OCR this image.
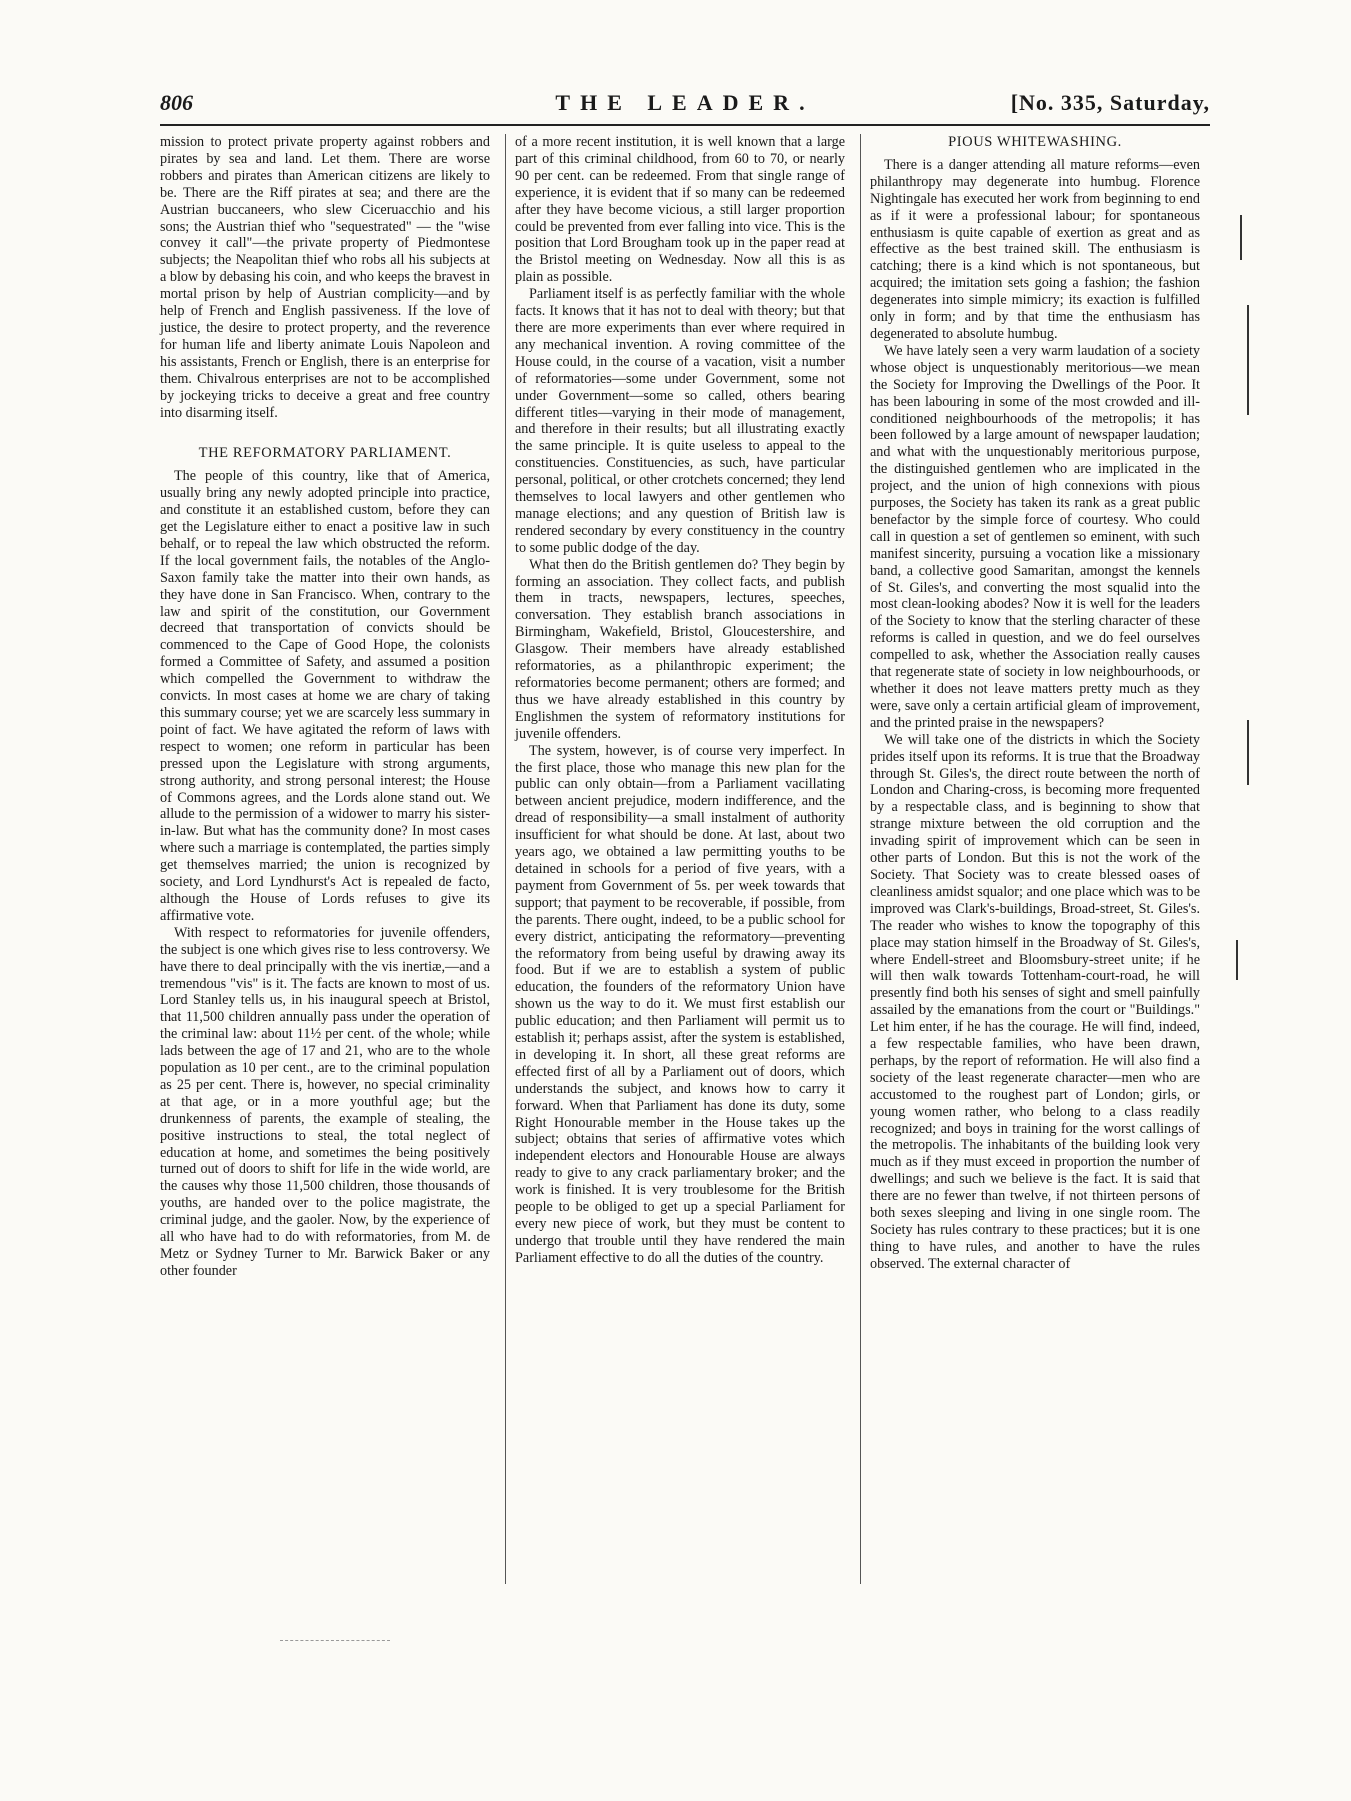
806	THE LEADER.	[No. 335, Saturday,

mission to protect private property against robbers and pirates by sea and land. Let them. There are worse robbers and pirates than American citizens are likely to be. There are the Riff pirates at sea; and there are the Austrian buccaneers, who slew Ciceruacchio and his sons; the Austrian thief who "sequestrated" — the "wise convey it call"—the private property of Piedmontese subjects; the Neapolitan thief who robs all his subjects at a blow by debasing his coin, and who keeps the bravest in mortal prison by help of Austrian complicity—and by help of French and English passiveness. If the love of justice, the desire to protect property, and the reverence for human life and liberty animate Louis Napoleon and his assistants, French or English, there is an enterprise for them. Chivalrous enterprises are not to be accomplished by jockeying tricks to deceive a great and free country into disarming itself.

THE REFORMATORY PARLIAMENT.

The people of this country, like that of America, usually bring any newly adopted principle into practice, and constitute it an established custom, before they can get the Legislature either to enact a positive law in such behalf, or to repeal the law which obstructed the reform. If the local government fails, the notables of the Anglo-Saxon family take the matter into their own hands, as they have done in San Francisco. When, contrary to the law and spirit of the constitution, our Government decreed that transportation of convicts should be commenced to the Cape of Good Hope, the colonists formed a Committee of Safety, and assumed a position which compelled the Government to withdraw the convicts. In most cases at home we are chary of taking this summary course; yet we are scarcely less summary in point of fact. We have agitated the reform of laws with respect to women; one reform in particular has been pressed upon the Legislature with strong arguments, strong authority, and strong personal interest; the House of Commons agrees, and the Lords alone stand out. We allude to the permission of a widower to marry his sister-in-law. But what has the community done? In most cases where such a marriage is contemplated, the parties simply get themselves married; the union is recognized by society, and Lord Lyndhurst's Act is repealed de facto, although the House of Lords refuses to give its affirmative vote.

With respect to reformatories for juvenile offenders, the subject is one which gives rise to less controversy. We have there to deal principally with the vis inertiæ,—and a tremendous "vis" is it. The facts are known to most of us. Lord Stanley tells us, in his inaugural speech at Bristol, that 11,500 children annually pass under the operation of the criminal law: about 11½ per cent. of the whole; while lads between the age of 17 and 21, who are to the whole population as 10 per cent., are to the criminal population as 25 per cent. There is, however, no special criminality at that age, or in a more youthful age; but the drunkenness of parents, the example of stealing, the positive instructions to steal, the total neglect of education at home, and sometimes the being positively turned out of doors to shift for life in the wide world, are the causes why those 11,500 children, those thousands of youths, are handed over to the police magistrate, the criminal judge, and the gaoler. Now, by the experience of all who have had to do with reformatories, from M. de Metz or Sydney Turner to Mr. Barwick Baker or any other founder

of a more recent institution, it is well known that a large part of this criminal childhood, from 60 to 70, or nearly 90 per cent. can be redeemed. From that single range of experience, it is evident that if so many can be redeemed after they have become vicious, a still larger proportion could be prevented from ever falling into vice. This is the position that Lord Brougham took up in the paper read at the Bristol meeting on Wednesday. Now all this is as plain as possible.

Parliament itself is as perfectly familiar with the whole facts. It knows that it has not to deal with theory; but that there are more experiments than ever where required in any mechanical invention. A roving committee of the House could, in the course of a vacation, visit a number of reformatories—some under Government, some not under Government—some so called, others bearing different titles—varying in their mode of management, and therefore in their results; but all illustrating exactly the same principle. It is quite useless to appeal to the constituencies. Constituencies, as such, have particular personal, political, or other crotchets concerned; they lend themselves to local lawyers and other gentlemen who manage elections; and any question of British law is rendered secondary by every constituency in the country to some public dodge of the day.

What then do the British gentlemen do? They begin by forming an association. They collect facts, and publish them in tracts, newspapers, lectures, speeches, conversation. They establish branch associations in Birmingham, Wakefield, Bristol, Gloucestershire, and Glasgow. Their members have already established reformatories, as a philanthropic experiment; the reformatories become permanent; others are formed; and thus we have already established in this country by Englishmen the system of reformatory institutions for juvenile offenders.

The system, however, is of course very imperfect. In the first place, those who manage this new plan for the public can only obtain—from a Parliament vacillating between ancient prejudice, modern indifference, and the dread of responsibility—a small instalment of authority insufficient for what should be done. At last, about two years ago, we obtained a law permitting youths to be detained in schools for a period of five years, with a payment from Government of 5s. per week towards that support; that payment to be recoverable, if possible, from the parents. There ought, indeed, to be a public school for every district, anticipating the reformatory—preventing the reformatory from being useful by drawing away its food. But if we are to establish a system of public education, the founders of the reformatory Union have shown us the way to do it. We must first establish our public education; and then Parliament will permit us to establish it; perhaps assist, after the system is established, in developing it. In short, all these great reforms are effected first of all by a Parliament out of doors, which understands the subject, and knows how to carry it forward. When that Parliament has done its duty, some Right Honourable member in the House takes up the subject; obtains that series of affirmative votes which independent electors and Honourable House are always ready to give to any crack parliamentary broker; and the work is finished. It is very troublesome for the British people to be obliged to get up a special Parliament for every new piece of work, but they must be content to undergo that trouble until they have rendered the main Parliament effective to do all the duties of the country.

PIOUS WHITEWASHING.

There is a danger attending all mature reforms—even philanthropy may degenerate into humbug. Florence Nightingale has executed her work from beginning to end as if it were a professional labour; for spontaneous enthusiasm is quite capable of exertion as great and as effective as the best trained skill. The enthusiasm is catching; there is a kind which is not spontaneous, but acquired; the imitation sets going a fashion; the fashion degenerates into simple mimicry; its exaction is fulfilled only in form; and by that time the enthusiasm has degenerated to absolute humbug.

We have lately seen a very warm laudation of a society whose object is unquestionably meritorious—we mean the Society for Improving the Dwellings of the Poor. It has been labouring in some of the most crowded and ill-conditioned neighbourhoods of the metropolis; it has been followed by a large amount of newspaper laudation; and what with the unquestionably meritorious purpose, the distinguished gentlemen who are implicated in the project, and the union of high connexions with pious purposes, the Society has taken its rank as a great public benefactor by the simple force of courtesy. Who could call in question a set of gentlemen so eminent, with such manifest sincerity, pursuing a vocation like a missionary band, a collective good Samaritan, amongst the kennels of St. Giles's, and converting the most squalid into the most clean-looking abodes? Now it is well for the leaders of the Society to know that the sterling character of these reforms is called in question, and we do feel ourselves compelled to ask, whether the Association really causes that regenerate state of society in low neighbourhoods, or whether it does not leave matters pretty much as they were, save only a certain artificial gleam of improvement, and the printed praise in the newspapers?

We will take one of the districts in which the Society prides itself upon its reforms. It is true that the Broadway through St. Giles's, the direct route between the north of London and Charing-cross, is becoming more frequented by a respectable class, and is beginning to show that strange mixture between the old corruption and the invading spirit of improvement which can be seen in other parts of London. But this is not the work of the Society. That Society was to create blessed oases of cleanliness amidst squalor; and one place which was to be improved was Clark's-buildings, Broad-street, St. Giles's. The reader who wishes to know the topography of this place may station himself in the Broadway of St. Giles's, where Endell-street and Bloomsbury-street unite; if he will then walk towards Tottenham-court-road, he will presently find both his senses of sight and smell painfully assailed by the emanations from the court or "Buildings." Let him enter, if he has the courage. He will find, indeed, a few respectable families, who have been drawn, perhaps, by the report of reformation. He will also find a society of the least regenerate character—men who are accustomed to the roughest part of London; girls, or young women rather, who belong to a class readily recognized; and boys in training for the worst callings of the metropolis. The inhabitants of the building look very much as if they must exceed in proportion the number of dwellings; and such we believe is the fact. It is said that there are no fewer than twelve, if not thirteen persons of both sexes sleeping and living in one single room. The Society has rules contrary to these practices; but it is one thing to have rules, and another to have the rules observed. The external character of
